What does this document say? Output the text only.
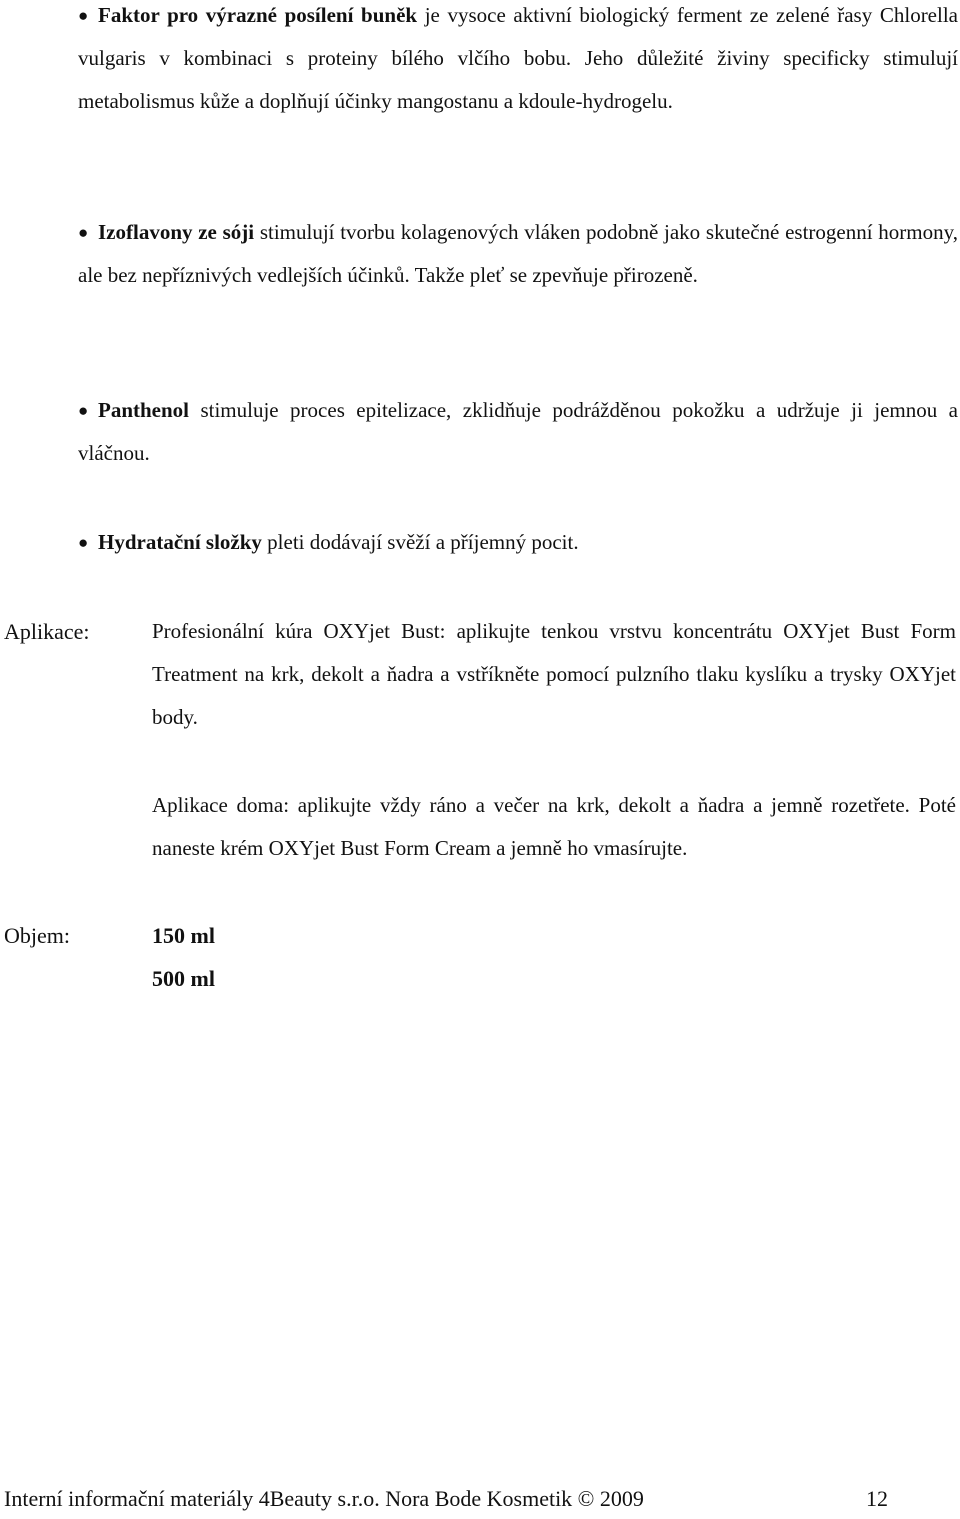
● Faktor pro výrazné posílení buněk je vysoce aktivní biologický ferment ze zelené řasy Chlorella vulgaris v kombinaci s proteiny bílého vlčího bobu. Jeho důležité živiny specificky stimulují metabolismus kůže a doplňují účinky mangostanu a kdoule-hydrogelu.
● Izoflavony ze sóji stimulují tvorbu kolagenových vláken podobně jako skutečné estrogenní hormony, ale bez nepříznivých vedlejších účinků. Takže pleť se zpevňuje přirozeně.
● Panthenol stimuluje proces epitelizace, zklidňuje podrážděnou pokožku a udržuje ji jemnou a vláčnou.
● Hydratační složky pleti dodávají svěží a příjemný pocit.
Aplikace:	Profesionální kúra OXYjet Bust: aplikujte tenkou vrstvu koncentrátu OXYjet Bust Form Treatment na krk, dekolt a ňadra a vstříkněte pomocí pulzního tlaku kyslíku a trysky OXYjet body.
Aplikace doma: aplikujte vždy ráno a večer na krk, dekolt a ňadra a jemně rozetřete. Poté naneste krém OXYjet Bust Form Cream a jemně ho vmasírujte.
Objem:	150 ml
500 ml
Interní informační materiály 4Beauty s.r.o. Nora Bode Kosmetik © 2009	12
